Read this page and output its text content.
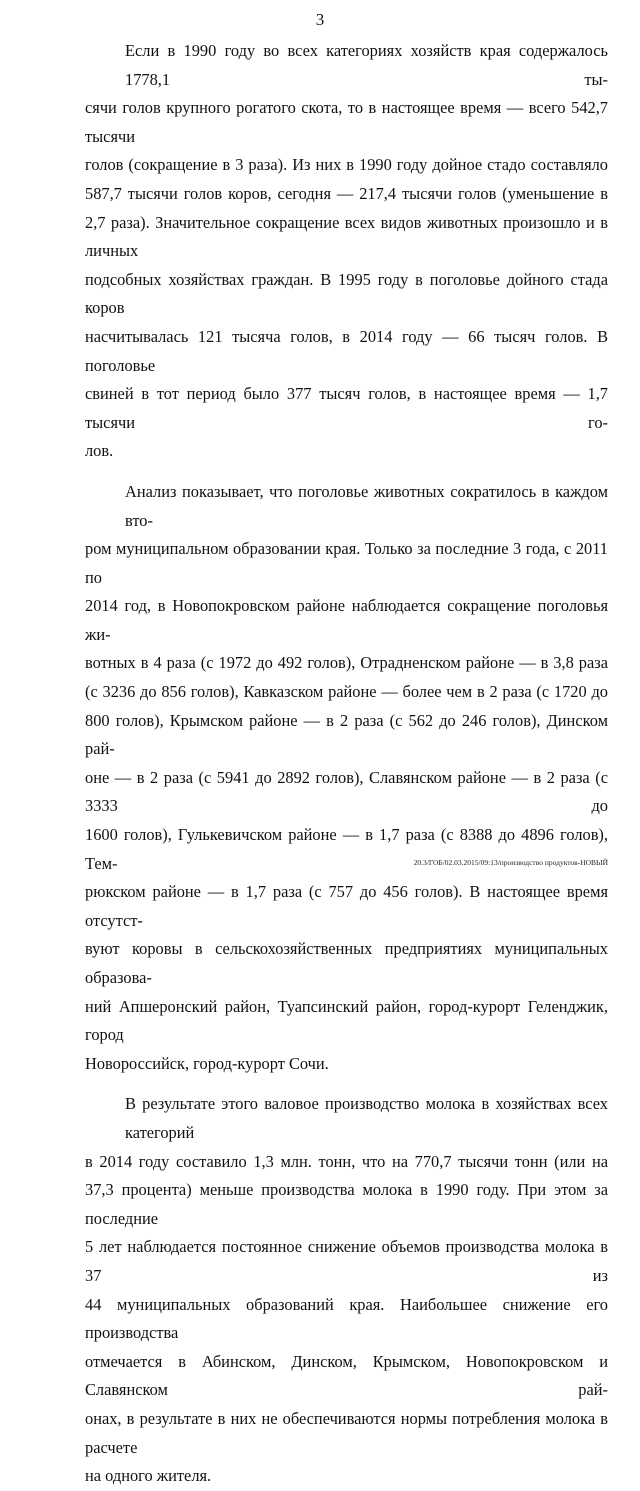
3

Если в 1990 году во всех категориях хозяйств края содержалось 1778,1 ты-
сячи голов крупного рогатого скота, то в настоящее время — всего 542,7 тысячи
голов (сокращение в 3 раза). Из них в 1990 году дойное стадо составляло
587,7 тысячи голов коров, сегодня — 217,4 тысячи голов (уменьшение в
2,7 раза). Значительное сокращение всех видов животных произошло и в личных
подсобных хозяйствах граждан. В 1995 году в поголовье дойного стада коров
насчитывалась 121 тысяча голов, в 2014 году — 66 тысяч голов. В поголовье
свиней в тот период было 377 тысяч голов, в настоящее время — 1,7 тысячи го-
лов.

Анализ показывает, что поголовье животных сократилось в каждом вто-
ром муниципальном образовании края. Только за последние 3 года, с 2011 по
2014 год, в Новопокровском районе наблюдается сокращение поголовья жи-
вотных в 4 раза (с 1972 до 492 голов), Отрадненском районе — в 3,8 раза
(с 3236 до 856 голов), Кавказском районе — более чем в 2 раза (с 1720 до
800 голов), Крымском районе — в 2 раза (с 562 до 246 голов), Динском рай-
оне — в 2 раза (с 5941 до 2892 голов), Славянском районе — в 2 раза (с 3333 до
1600 голов), Гулькевичском районе — в 1,7 раза (с 8388 до 4896 голов), Тем-
рюкском районе — в 1,7 раза (с 757 до 456 голов). В настоящее время отсутст-
вуют коровы в сельскохозяйственных предприятиях муниципальных образова-
ний Апшеронский район, Туапсинский район, город-курорт Геленджик, город
Новороссийск, город-курорт Сочи.

В результате этого валовое производство молока в хозяйствах всех категорий
в 2014 году составило 1,3 млн. тонн, что на 770,7 тысячи тонн (или на
37,3 процента) меньше производства молока в 1990 году. При этом за последние
5 лет наблюдается постоянное снижение объемов производства молока в 37 из
44 муниципальных образований края. Наибольшее снижение его производства
отмечается в Абинском, Динском, Крымском, Новопокровском и Славянском рай-
онах, в результате в них не обеспечиваются нормы потребления молока в расчете
на одного жителя.

20.3/ГОБ/02.03.2015/09:13/производство продуктов-НОВЫЙ
